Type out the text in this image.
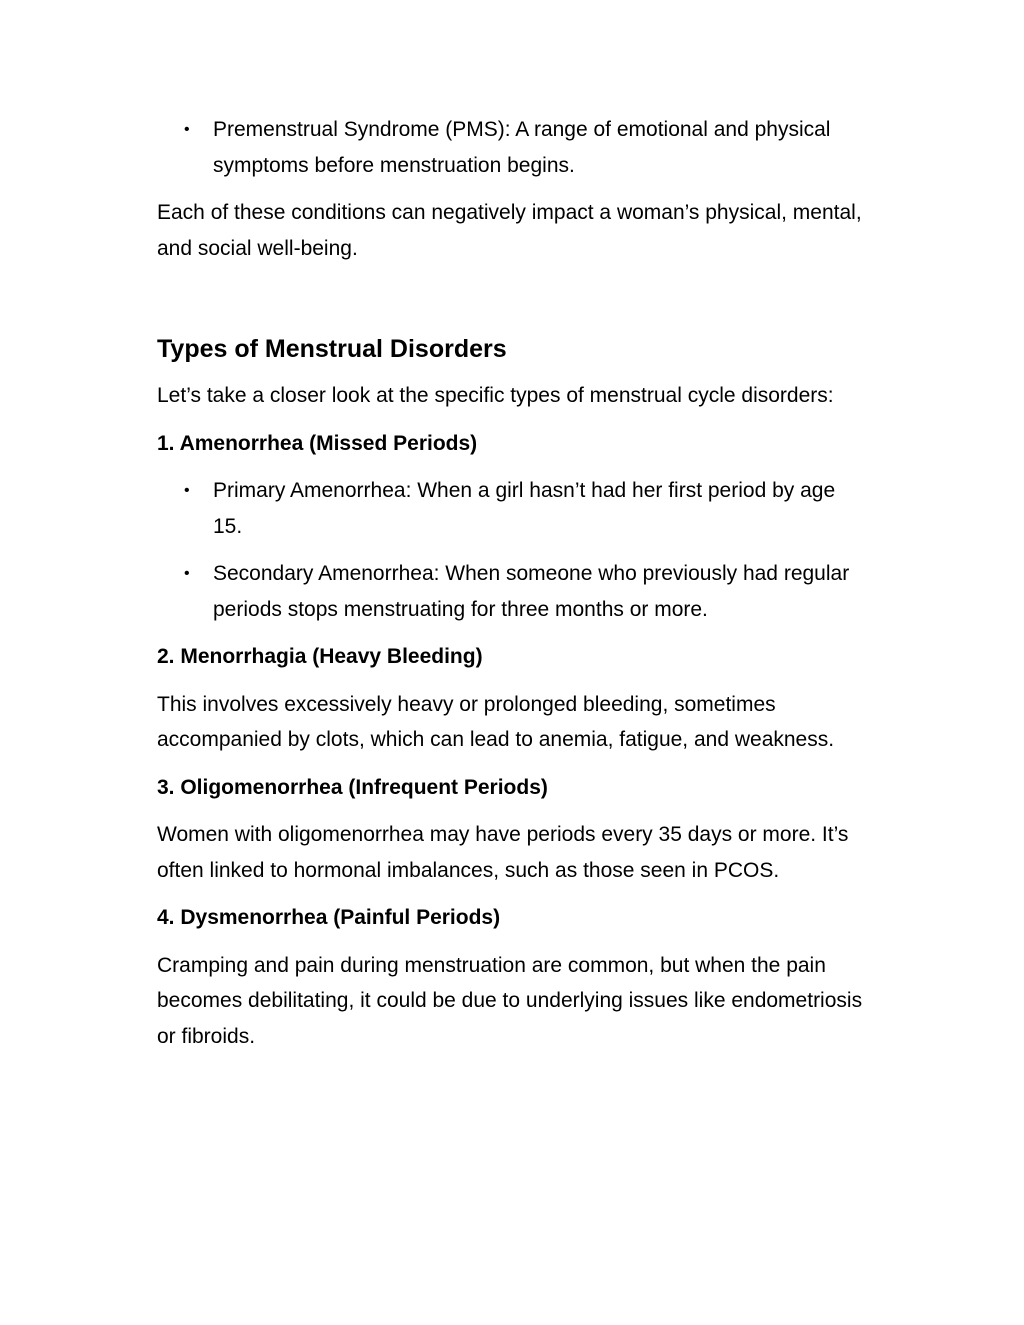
• Premenstrual Syndrome (PMS): A range of emotional and physical symptoms before menstruation begins.

Each of these conditions can negatively impact a woman’s physical, mental, and social well-being.

Types of Menstrual Disorders

Let’s take a closer look at the specific types of menstrual cycle disorders:

1. Amenorrhea (Missed Periods)

• Primary Amenorrhea: When a girl hasn’t had her first period by age 15.
• Secondary Amenorrhea: When someone who previously had regular periods stops menstruating for three months or more.

2. Menorrhagia (Heavy Bleeding)

This involves excessively heavy or prolonged bleeding, sometimes accompanied by clots, which can lead to anemia, fatigue, and weakness.

3. Oligomenorrhea (Infrequent Periods)

Women with oligomenorrhea may have periods every 35 days or more. It’s often linked to hormonal imbalances, such as those seen in PCOS.

4. Dysmenorrhea (Painful Periods)

Cramping and pain during menstruation are common, but when the pain becomes debilitating, it could be due to underlying issues like endometriosis or fibroids.
